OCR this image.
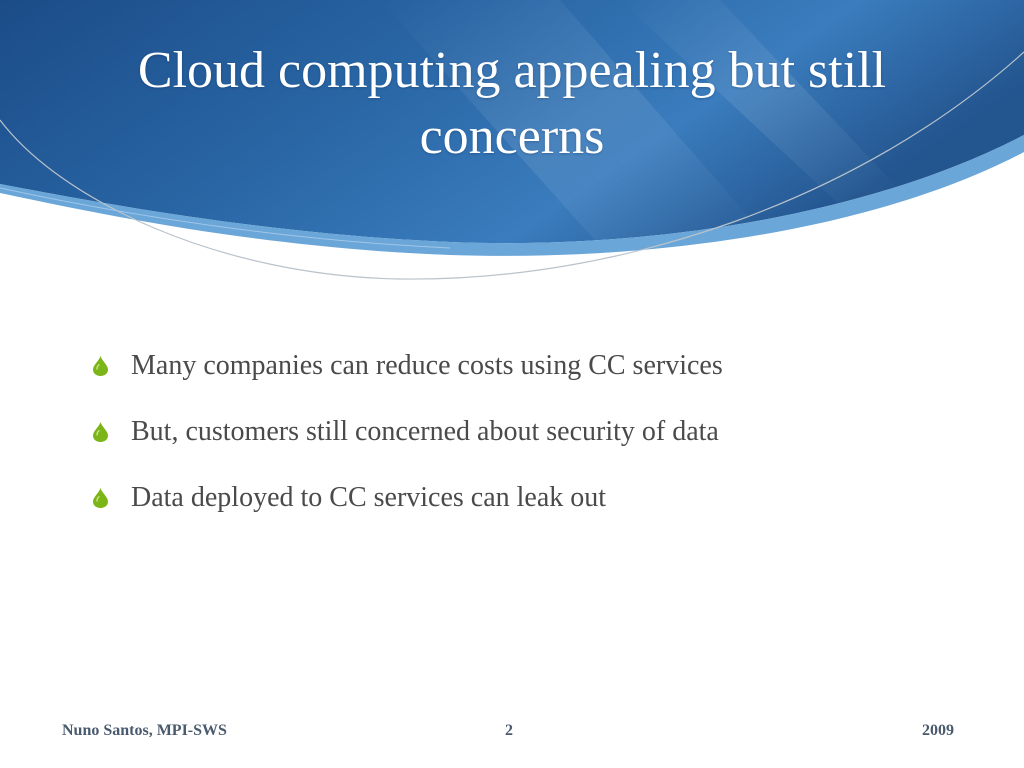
Cloud computing appealing but still concerns
Many companies can reduce costs using CC services
But, customers still concerned about security of data
Data deployed to CC services can leak out
Nuno Santos, MPI-SWS	2	2009
